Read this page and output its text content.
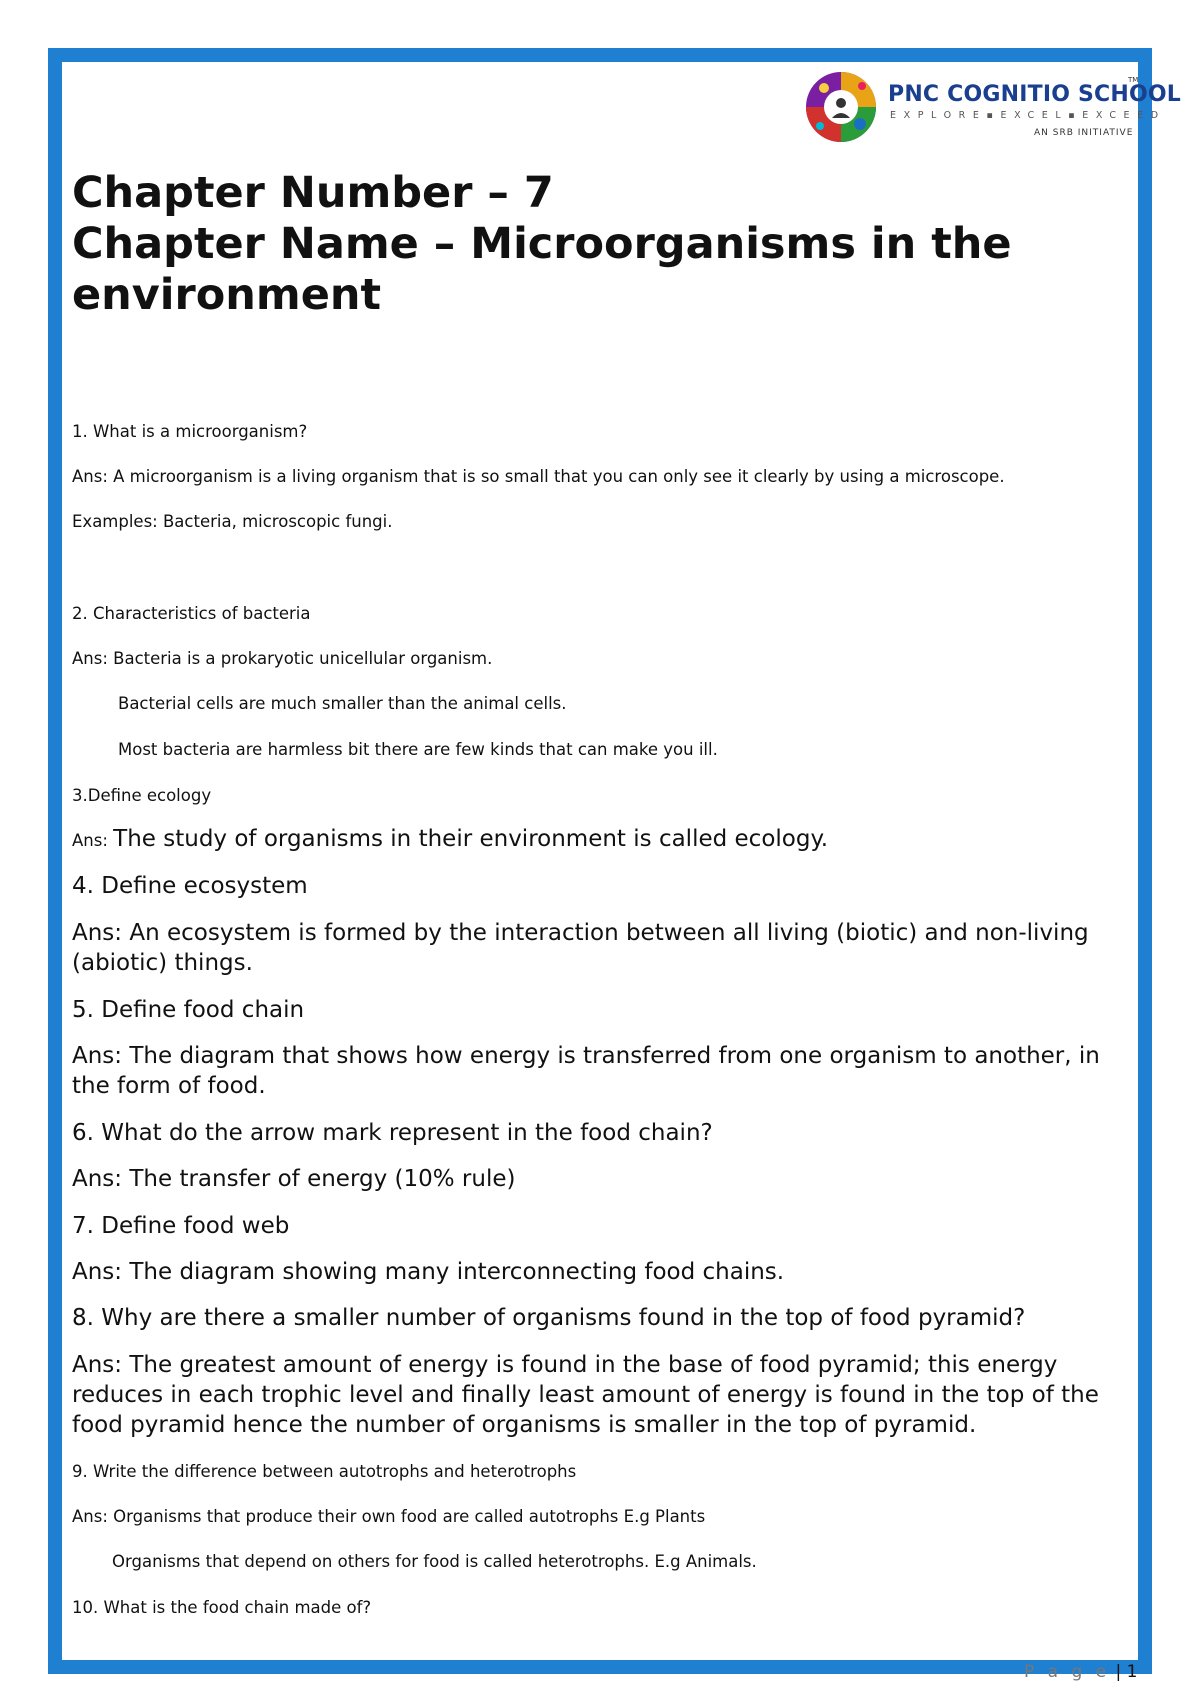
PNC COGNITIO SCHOOL
TM
EXPLORE▪EXCEL▪EXCEED
AN SRB INITIATIVE
Chapter Number – 7
Chapter Name – Microorganisms in the
environment
1. What is a microorganism?
Ans: A microorganism is a living organism that is so small that you can only see it clearly by using a microscope.
Examples: Bacteria, microscopic fungi.
2. Characteristics of bacteria
Ans: Bacteria is a prokaryotic unicellular organism.
Bacterial cells are much smaller than the animal cells.
Most bacteria are harmless bit there are few kinds that can make you ill.
3.Define ecology
Ans: The study of organisms in their environment is called ecology.
4. Define ecosystem
Ans: An ecosystem is formed by the interaction between all living (biotic) and non-living (abiotic) things.
5. Define food chain
Ans: The diagram that shows how energy is transferred from one organism to another, in the form of food.
6. What do the arrow mark represent in the food chain?
Ans: The transfer of energy (10% rule)
7. Define food web
Ans: The diagram showing many interconnecting food chains.
8. Why are there a smaller number of organisms found in the top of food pyramid?
Ans: The greatest amount of energy is found in the base of food pyramid; this energy reduces in each trophic level and finally least amount of energy is found in the top of the food pyramid hence the number of organisms is smaller in the top of pyramid.
9. Write the difference between autotrophs and heterotrophs
Ans: Organisms that produce their own food are called autotrophs E.g Plants
Organisms that depend on others for food is called heterotrophs. E.g Animals.
10. What is the food chain made of?
P a g e | 1
